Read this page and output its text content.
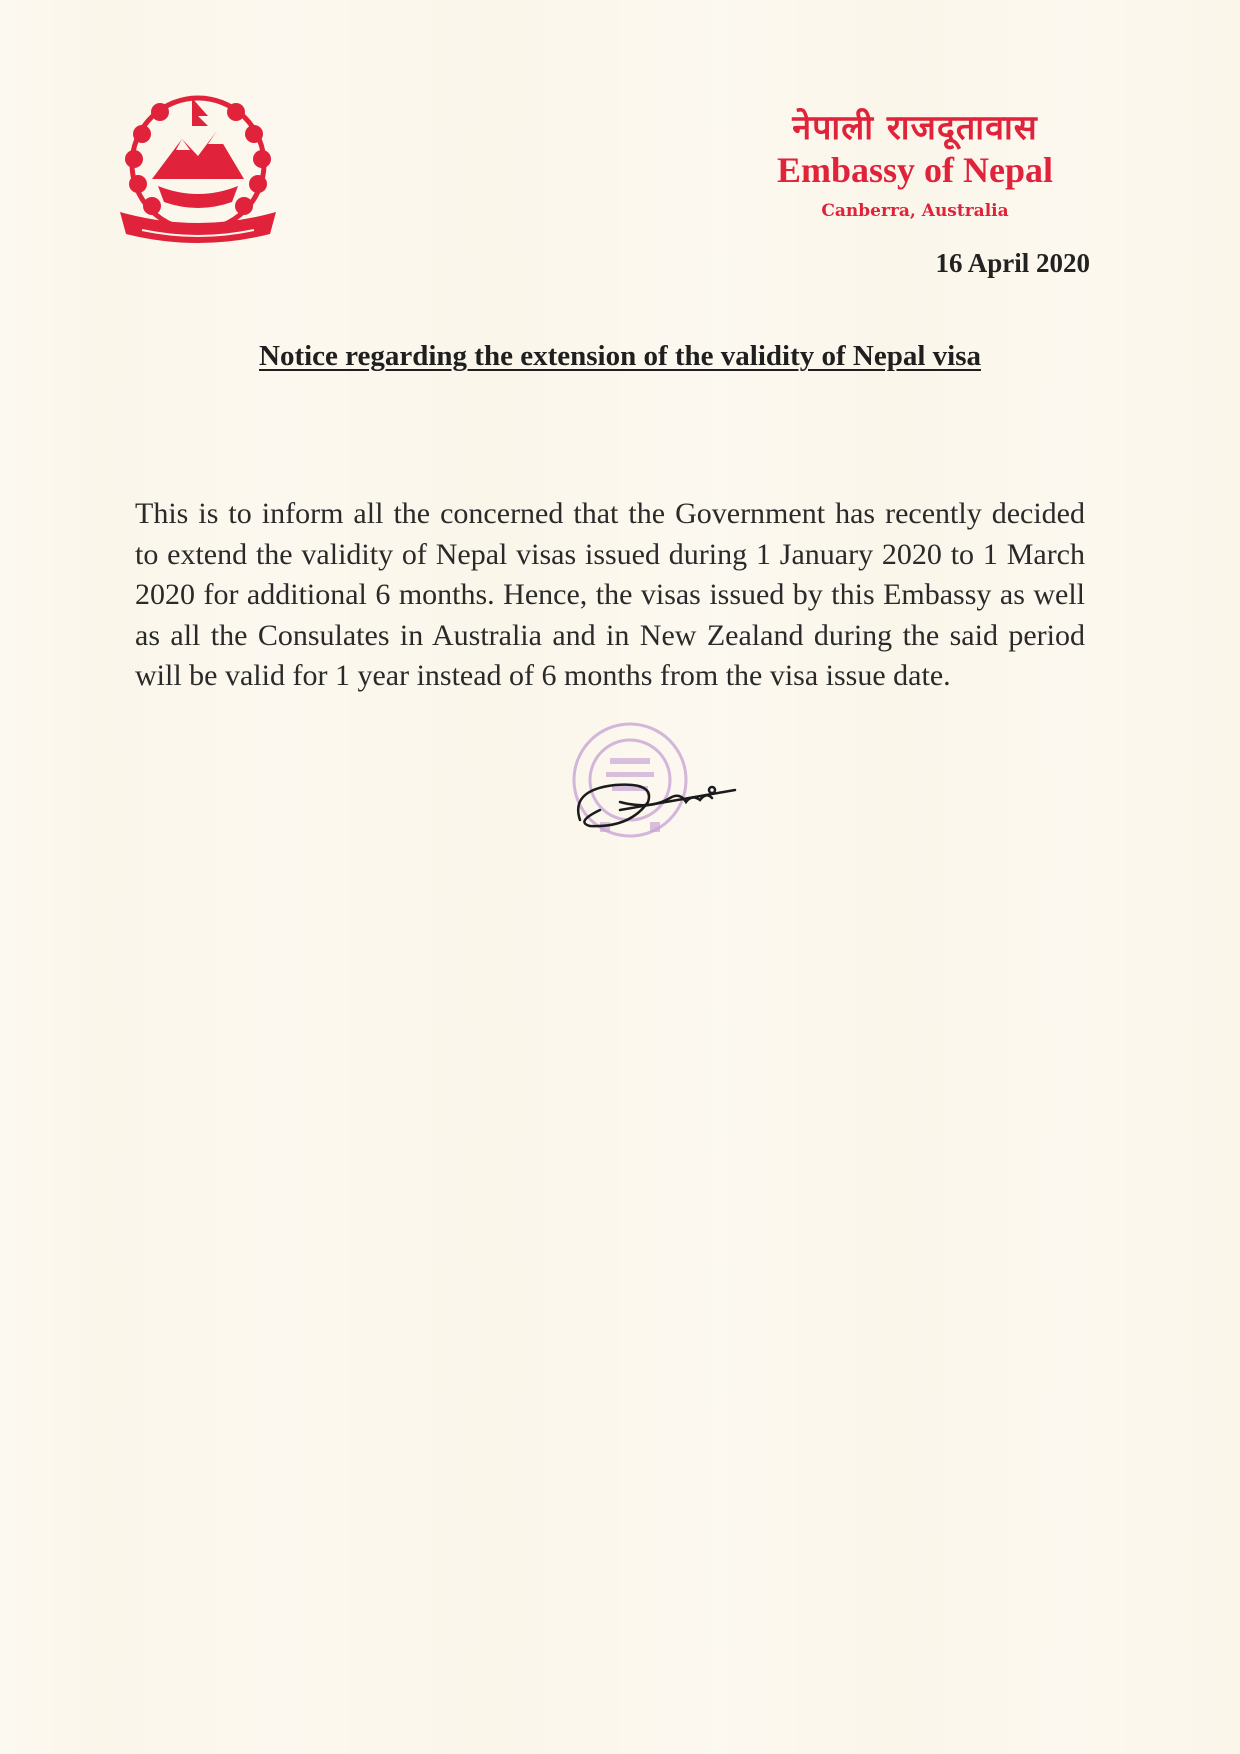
नेपाली राजदूतावास
Embassy of Nepal
Canberra, Australia
16 April 2020
Notice regarding the extension of the validity of Nepal visa
This is to inform all the concerned that the Government has recently decided to extend the validity of Nepal visas issued during 1 January 2020 to 1 March 2020 for additional 6 months. Hence, the visas issued by this Embassy as well as all the Consulates in Australia and in New Zealand during the said period will be valid for 1 year instead of 6 months from the visa issue date.
